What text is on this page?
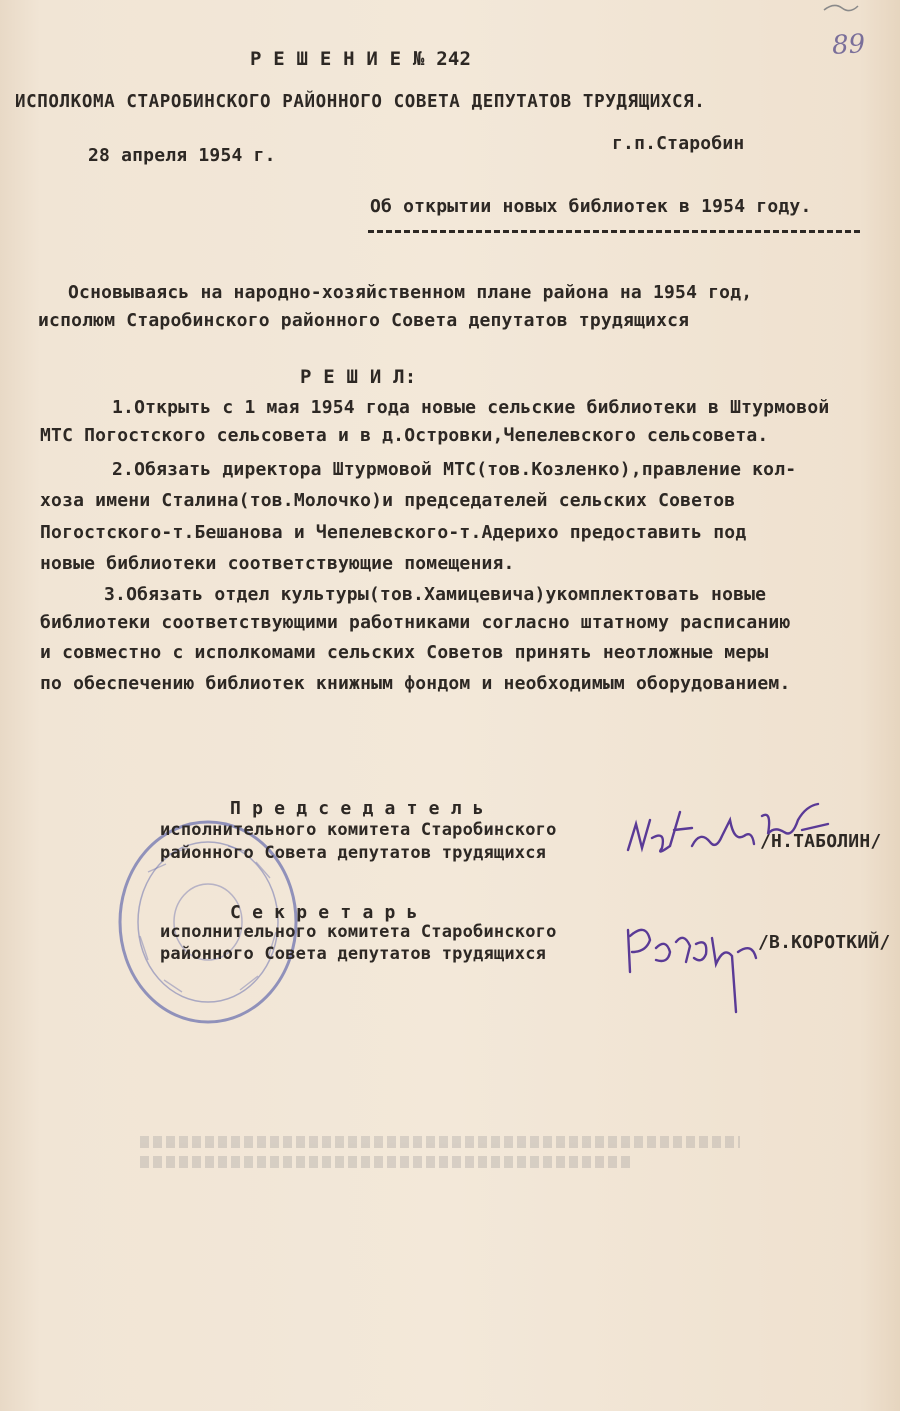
89
Р Е Ш Е Н И Е № 242
ИСПОЛКОМА СТАРОБИНСКОГО РАЙОННОГО СОВЕТА ДЕПУТАТОВ ТРУДЯЩИХСЯ.
28 апреля 1954 г.
г.п.Старобин
Об открытии новых библиотек в 1954 году.
Основываясь на народно-хозяйственном плане района на 1954 год,
исполюм Старобинского районного Совета депутатов трудящихся
Р Е Ш И Л:
1.Открыть с 1 мая 1954 года новые сельские библиотеки в Штурмовой
МТС Погостского сельсовета и в д.Островки,Чепелевского сельсовета.
2.Обязать директора Штурмовой МТС(тов.Козленко),правление кол-
хоза имени Сталина(тов.Молочко)и председателей сельских Советов
Погостского-т.Бешанова и Чепелевского-т.Адерихо предоставить под
новые библиотеки соответствующие помещения.
3.Обязать отдел культуры(тов.Хамицевича)укомплектовать новые
библиотеки соответствующими работниками согласно штатному расписанию
и совместно с исполкомами сельских Советов принять неотложные меры
по обеспечению библиотек книжным фондом и необходимым оборудованием.
П р е д с е д а т е л ь
исполнительного комитета Старобинского
районного Совета депутатов трудящихся
/Н.ТАБОЛИН/
С е к р е т а р ь
исполнительного комитета Старобинского
районного Совета депутатов трудящихся
/В.КОРОТКИЙ/
